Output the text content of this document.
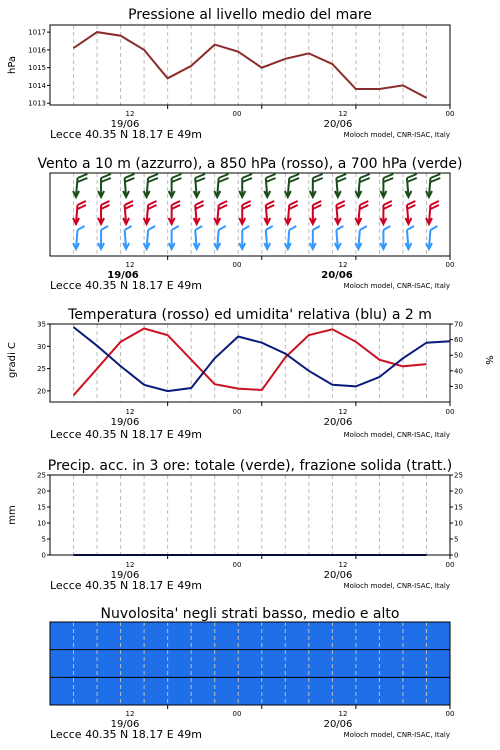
Pressione al livello medio del mare
1017
1016
1015
1014
1013
hPa
12	00	12	00
19/06	20/06
Lecce 40.35 N 18.17 E 49m	Moloch model, CNR-ISAC, Italy
Vento a 10 m (azzurro), a 850 hPa (rosso), a 700 hPa (verde)
12	00	12	00
19/06	20/06
Lecce 40.35 N 18.17 E 49m	Moloch model, CNR-ISAC, Italy
Temperatura (rosso) ed umidita' relativa (blu) a 2 m
35
30
25
20
70
60
50
40
30
gradi C	%
12	00	12	00
19/06	20/06
Lecce 40.35 N 18.17 E 49m	Moloch model, CNR-ISAC, Italy
Precip. acc. in 3 ore: totale (verde), frazione solida (tratt.)
25
20
15
10
5
0
25
20
15
10
5
0
mm
12	00	12	00
19/06	20/06
Lecce 40.35 N 18.17 E 49m	Moloch model, CNR-ISAC, Italy
Nuvolosita' negli strati basso, medio e alto
12	00	12	00
19/06	20/06
Lecce 40.35 N 18.17 E 49m	Moloch model, CNR-ISAC, Italy
